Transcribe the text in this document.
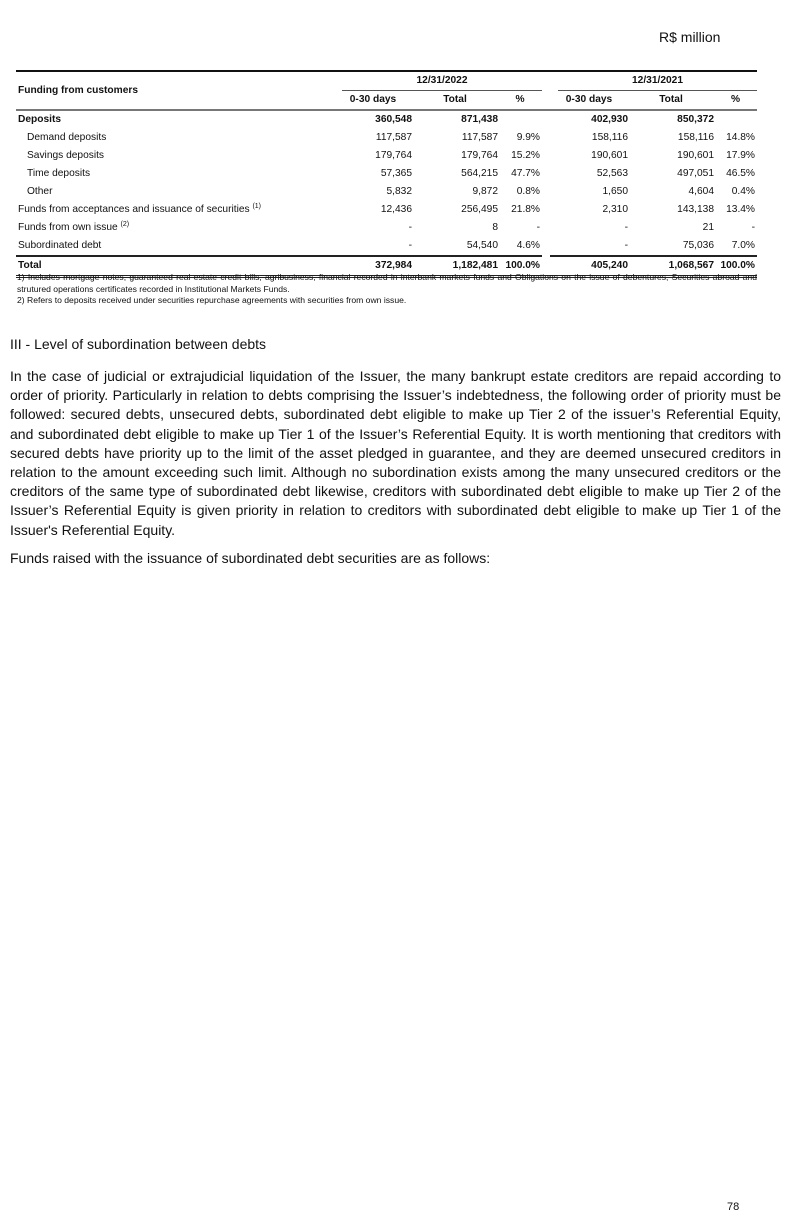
R$ million
Funding from customers	12/31/2022				12/31/2021		

	0-30 days	Total	%		0-30 days	Total	%
Deposits	360,548	871,438			402,930	850,372	
Demand deposits	117,587	117,587	9.9%		158,116	158,116	14.8%
Savings deposits	179,764	179,764	15.2%		190,601	190,601	17.9%
Time deposits	57,365	564,215	47.7%		52,563	497,051	46.5%
Other	5,832	9,872	0.8%		1,650	4,604	0.4%
Funds from acceptances and issuance of securities $^{(1)}$	12,436	256,495	21.8%		2,310	143,138	13.4%
Funds from own issue $^{(2)}$	-	8	-		-	21	-
Subordinated debt	-	54,540	4.6%		-	75,036	7.0%
Total	372,984	1,182,481	100.0%		405,240	1,068,567	100.0%
1) Includes mortgage notes, guaranteed real estate credit bills, agribusiness, financial recorded in interbank markets funds and Obligations on the issue of debentures, Securities abroad and strutured operations certificates recorded in Institutional Markets Funds.
2) Refers to deposits received under securities repurchase agreements with securities from own issue.
III - Level of subordination between debts
In the case of judicial or extrajudicial liquidation of the Issuer, the many bankrupt estate creditors are repaid according to order of priority. Particularly in relation to debts comprising the Issuer’s indebtedness, the following order of priority must be followed: secured debts, unsecured debts, subordinated debt eligible to make up Tier 2 of the issuer’s Referential Equity, and subordinated debt eligible to make up Tier 1 of the Issuer’s Referential Equity. It is worth mentioning that creditors with secured debts have priority up to the limit of the asset pledged in guarantee, and they are deemed unsecured creditors in relation to the amount exceeding such limit. Although no subordination exists among the many unsecured creditors or the creditors of the same type of subordinated debt likewise, creditors with subordinated debt eligible to make up Tier 2 of the Issuer’s Referential Equity is given priority in relation to creditors with subordinated debt eligible to make up Tier 1 of the Issuer's Referential Equity.
Funds raised with the issuance of subordinated debt securities are as follows:
78
